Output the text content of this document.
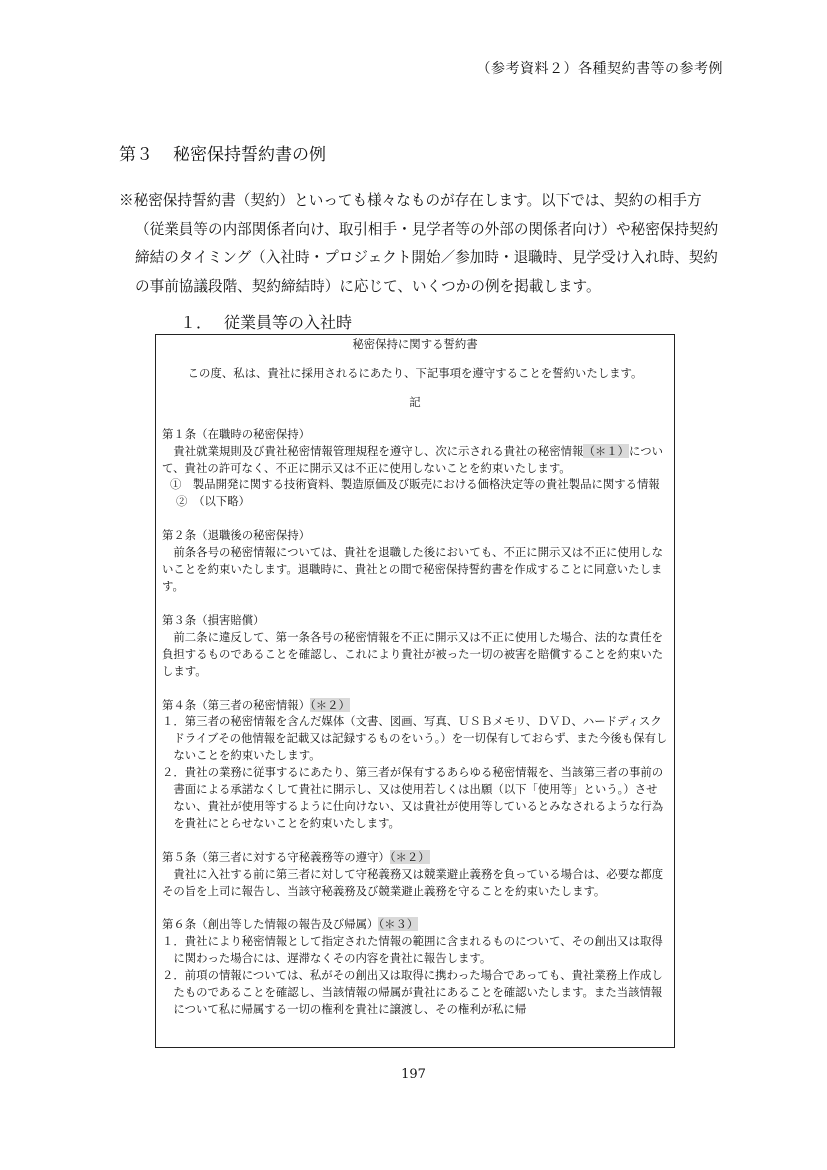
（参考資料２）各種契約書等の参考例
第３ 秘密保持誓約書の例

※秘密保持誓約書（契約）といっても様々なものが存在します。以下では、契約の相手方（従業員等の内部関係者向け、取引相手・見学者等の外部の関係者向け）や秘密保持契約締結のタイミング（入社時・プロジェクト開始／参加時・退職時、見学受け入れ時、契約の事前協議段階、契約締結時）に応じて、いくつかの例を掲載します。

１． 従業員等の入社時

秘密保持に関する誓約書

この度、私は、貴社に採用されるにあたり、下記事項を遵守することを誓約いたします。

記

第１条（在職時の秘密保持）

貴社就業規則及び貴社秘密情報管理規程を遵守し、次に示される貴社の秘密情報（＊１）について、貴社の許可なく、不正に開示又は不正に使用しないことを約束いたします。

①　製品開発に関する技術資料、製造原価及び販売における価格決定等の貴社製品に関する情報

②　（以下略）

第２条（退職後の秘密保持）

前条各号の秘密情報については、貴社を退職した後においても、不正に開示又は不正に使用しないことを約束いたします。退職時に、貴社との間で秘密保持誓約書を作成することに同意いたします。

第３条（損害賠償）

前二条に違反して、第一条各号の秘密情報を不正に開示又は不正に使用した場合、法的な責任を負担するものであることを確認し、これにより貴社が被った一切の被害を賠償することを約束いたします。

第４条（第三者の秘密情報）（＊２）

１．第三者の秘密情報を含んだ媒体（文書、図画、写真、ＵＳＢメモリ、ＤＶＤ、ハードディスクドライブその他情報を記載又は記録するものをいう。）を一切保有しておらず、また今後も保有しないことを約束いたします。

２．貴社の業務に従事するにあたり、第三者が保有するあらゆる秘密情報を、当該第三者の事前の書面による承諾なくして貴社に開示し、又は使用若しくは出願（以下「使用等」という。）させない、貴社が使用等するように仕向けない、又は貴社が使用等しているとみなされるような行為を貴社にとらせないことを約束いたします。

第５条（第三者に対する守秘義務等の遵守）（＊２）

貴社に入社する前に第三者に対して守秘義務又は競業避止義務を負っている場合は、必要な都度その旨を上司に報告し、当該守秘義務及び競業避止義務を守ることを約束いたします。

第６条（創出等した情報の報告及び帰属）（＊３）

１．貴社により秘密情報として指定された情報の範囲に含まれるものについて、その創出又は取得に関わった場合には、遅滞なくその内容を貴社に報告します。

２．前項の情報については、私がその創出又は取得に携わった場合であっても、貴社業務上作成したものであることを確認し、当該情報の帰属が貴社にあることを確認いたします。また当該情報について私に帰属する一切の権利を貴社に譲渡し、その権利が私に帰

197
